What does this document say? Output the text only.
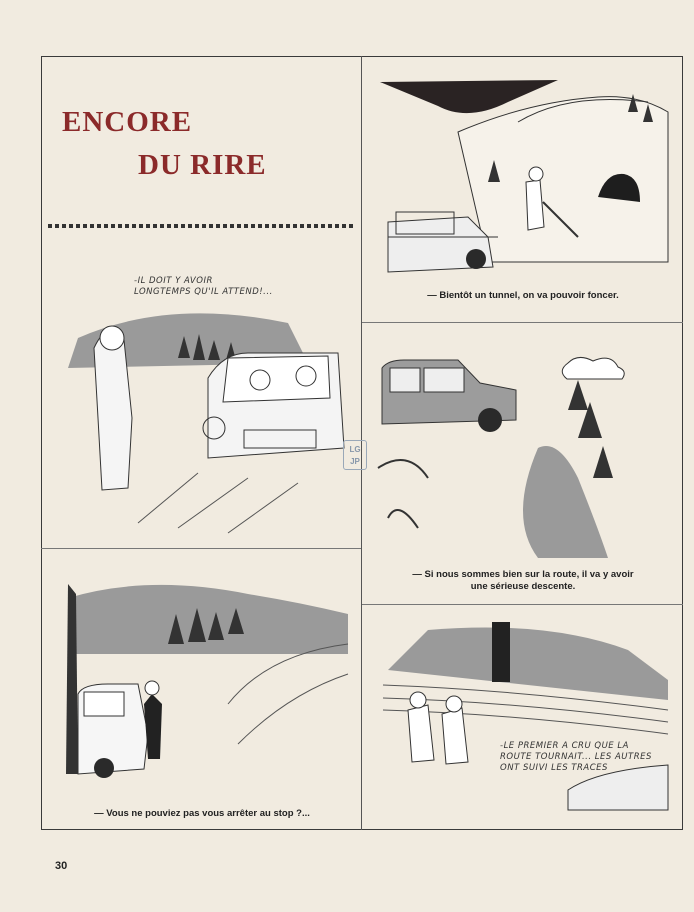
ENCORE
DU RIRE
— Bientôt un tunnel, on va pouvoir foncer.
-IL DOIT Y AVOIR
LONGTEMPS QU'IL ATTEND!...
— Si nous sommes bien sur la route, il va y avoir
une sérieuse descente.
— Vous ne pouviez pas vous arrêter au stop ?...
-LE PREMIER A CRU QUE LA
ROUTE TOURNAIT... LES AUTRES
ONT SUIVI LES TRACES
LG
JP
30
